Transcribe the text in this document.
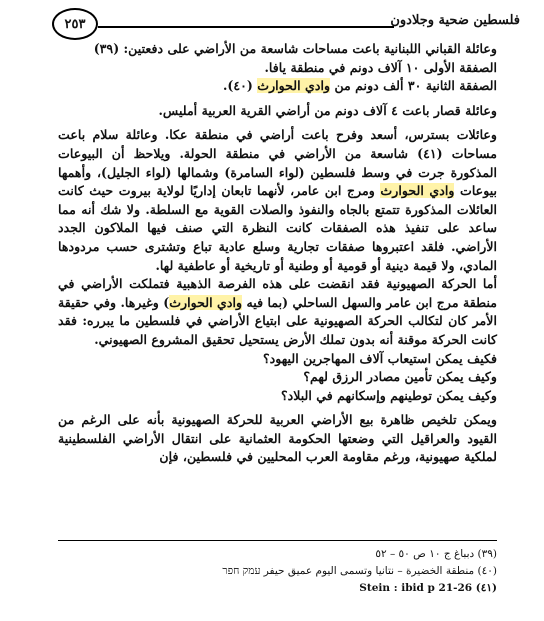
٢٥٣	فلسطين ضحية وجلادون

وعائلة القباني اللبنانية باعت مساحات شاسعة من الأراضي على دفعتين: (٣٩)

الصفقة الأولى ١٠ آلاف دونم في منطقة يافا.

الصفقة الثانية ٣٠ ألف دونم من وادي الحوارث (٤٠).

وعائلة قصار باعت ٤ آلاف دونم من أراضي القرية العربية أمليس.

وعائلات بسترس، أسعد وفرح باعت أراضي في منطقة عكا. وعائلة سلام باعت مساحات (٤١) شاسعة من الأراضي في منطقة الحولة. ويلاحظ أن البيوعات المذكورة جرت في وسط فلسطين (لواء السامرة) وشمالها (لواء الجليل)، وأهمها بيوعات وادي الحوارث ومرج ابن عامر، لأنهما تابعان إداريًا لولاية بيروت حيث كانت العائلات المذكورة تتمتع بالجاه والنفوذ والصلات القوية مع السلطة. ولا شك أنه مما ساعد على تنفيذ هذه الصفقات كانت النظرة التي صنف فيها الملاكون الجدد الأراضي. فلقد اعتبروها صفقات تجارية وسلع عادية تباع وتشترى حسب مردودها المادي، ولا قيمة دينية أو قومية أو وطنية أو تاريخية أو عاطفية لها.

أما الحركة الصهيونية فقد انقضت على هذه الفرصة الذهبية فتملكت الأراضي في منطقة مرج ابن عامر والسهل الساحلي (بما فيه وادي الحوارث) وغيرها. وفي حقيقة الأمر كان لتكالب الحركة الصهيونية على ابتياع الأراضي في فلسطين ما يبرره: فقد كانت الحركة موقنة أنه بدون تملك الأرض يستحيل تحقيق المشروع الصهيوني.

فكيف يمكن استيعاب آلاف المهاجرين اليهود؟

وكيف يمكن تأمين مصادر الرزق لهم؟

وكيف يمكن توطينهم وإسكانهم في البلاد؟

ويمكن تلخيص ظاهرة بيع الأراضي العربية للحركة الصهيونية بأنه على الرغم من القيود والعراقيل التي وضعتها الحكومة العثمانية على انتقال الأراضي الفلسطينية لملكية صهيونية، ورغم مقاومة العرب المحليين في فلسطين، فإن

(٣٩) دبباغ ج ١٠ ص ٥٠ – ٥٢

(٤٠) منطقة الخضيرة – نتانيا وتسمى اليوم عميق حيفر עמק חפר

(٤١) Stein : ibid p 21-26
